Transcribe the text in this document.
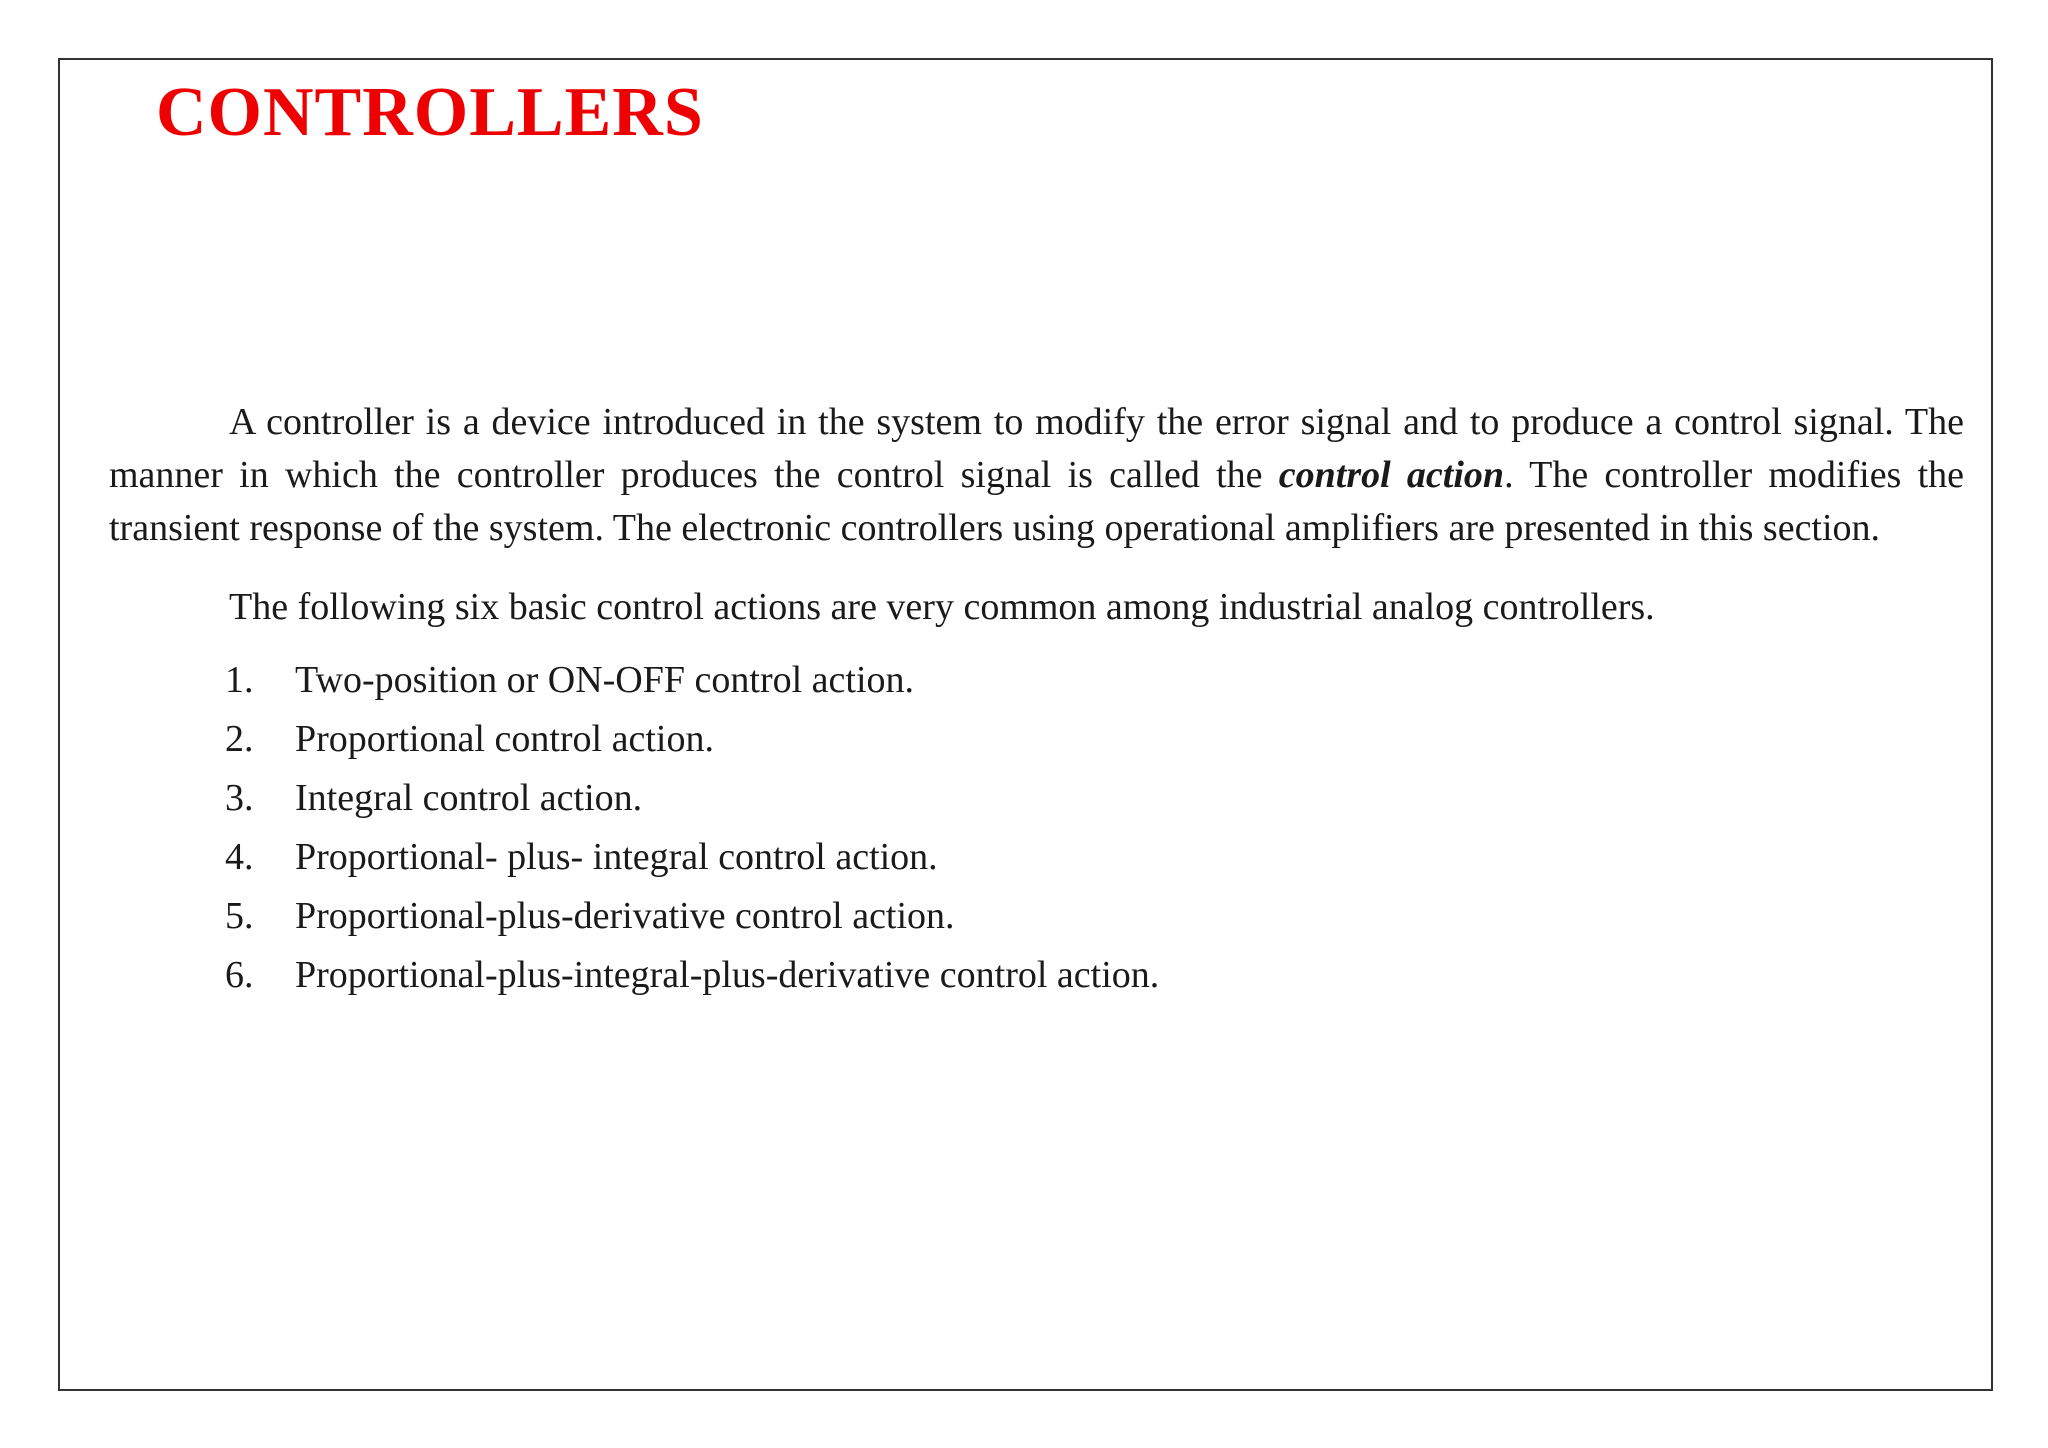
CONTROLLERS

A controller is a device introduced in the system to modify the error signal and to produce a control signal. The manner in which the controller produces the control signal is called the control action. The controller modifies the transient response of the system. The electronic controllers using operational amplifiers are presented in this section.

The following six basic control actions are very common among industrial analog controllers.

1.	Two-position or ON-OFF control action.
2.	Proportional control action.
3.	Integral control action.
4.	Proportional- plus- integral control action.
5.	Proportional-plus-derivative control action.
6.	Proportional-plus-integral-plus-derivative control action.
